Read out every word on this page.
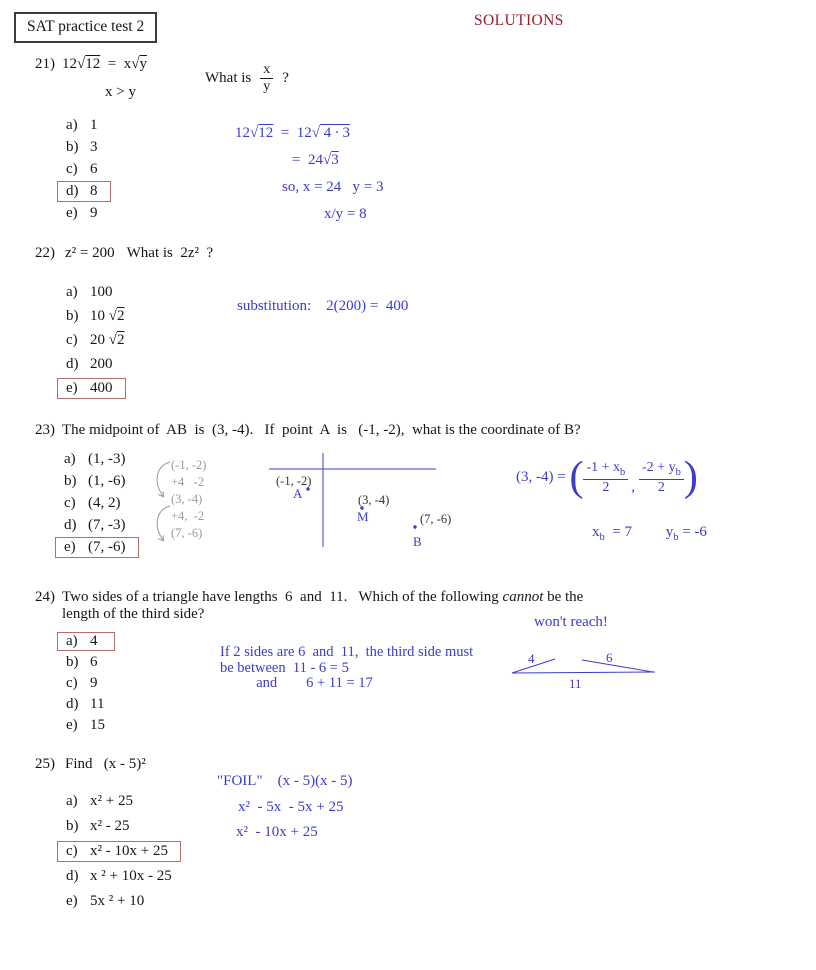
SAT practice test 2	SOLUTIONS
21) 12 √ 12 =  x √ y
x > y
What is $\frac{x}{y}$ ?
a) 1
b) 3
c) 6
d) 8
e) 9
12√12  =  12√ 4 ∙ 3
=  24√3
so, x = 24   y = 3
x/y = 8
22) z² = 200 What is  2z²  ?
a) 100
b) 10 √ 2
c) 20 √ 2
d) 200
e) 400
substitution:    2(200) =  400
23) The midpoint of  AB  is  (3, -4).   If  point  A  is   (-1, -2),  what is the coordinate of B?
a) (1, -3)
b) (1, -6)
c) (4, 2)
d) (7, -3)
e) (7, -6)
(-1, -2)
+4   -2
(3, -4)
+4,  -2
(7, -6)
(-1, -2)
A	(3, -4)
M	(7, -6)
B
(3, -4) = ( $\frac{-1 + x_b}{2}$ , $\frac{-2 + y_b}{2}$ )
$x_b = 7$ $y_b = -6$
24) Two sides of a triangle have lengths  6  and  11.   Which of the following cannot be the
length of the third side?
a) 4
b) 6
c) 9
d) 11
e) 15
If 2 sides are 6  and  11,  the third side must
be between  11 - 6 = 5
and        6 + 11 = 17
won't reach!
4	6
11
25) Find   (x - 5)²
a) x² + 25
b) x² - 25
c) x² - 10x + 25
d) x ² + 10x - 25
e) 5x ² + 10
"FOIL"    (x - 5)(x - 5)
x²  - 5x  - 5x + 25
x²  - 10x + 25
